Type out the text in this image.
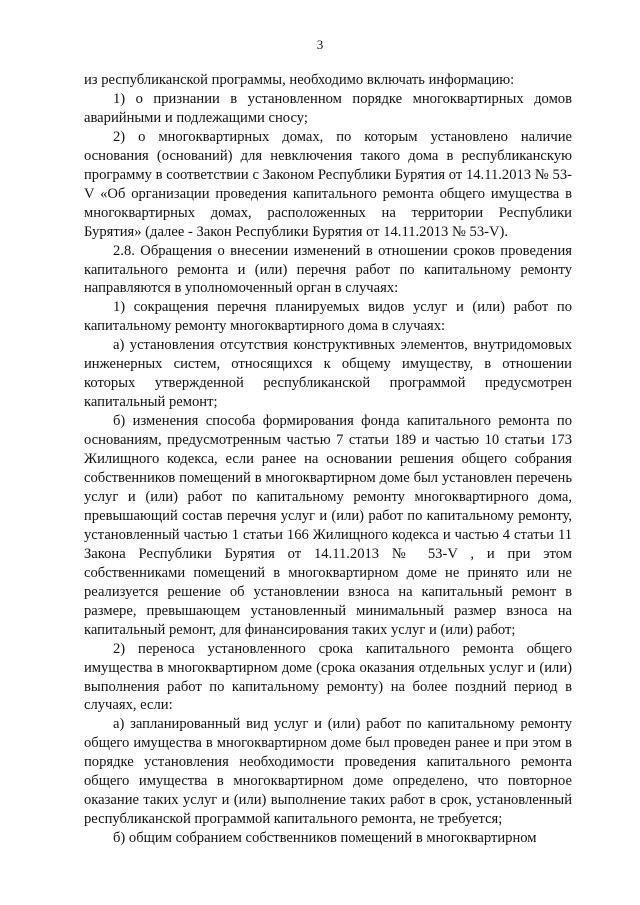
3

из республиканской программы, необходимо включать информацию:

1) о признании в установленном порядке многоквартирных домов аварийными и подлежащими сносу;

2) о многоквартирных домах, по которым установлено наличие основания (оснований) для невключения такого дома в республиканскую программу в соответствии с Законом Республики Бурятия от 14.11.2013 № 53-V «Об организации проведения капитального ремонта общего имущества в многоквартирных домах, расположенных на территории Республики Бурятия» (далее - Закон Республики Бурятия от 14.11.2013 № 53-V).

2.8. Обращения о внесении изменений в отношении сроков проведения капитального ремонта и (или) перечня работ по капитальному ремонту направляются в уполномоченный орган в случаях:

1) сокращения перечня планируемых видов услуг и (или) работ по капитальному ремонту многоквартирного дома в случаях:

а) установления отсутствия конструктивных элементов, внутридомовых инженерных систем, относящихся к общему имуществу, в отношении которых утвержденной республиканской программой предусмотрен капитальный ремонт;

б) изменения способа формирования фонда капитального ремонта по основаниям, предусмотренным частью 7 статьи 189 и частью 10 статьи 173 Жилищного кодекса, если ранее на основании решения общего собрания собственников помещений в многоквартирном доме был установлен перечень услуг и (или) работ по капитальному ремонту многоквартирного дома, превышающий состав перечня услуг и (или) работ по капитальному ремонту, установленный частью 1 статьи 166 Жилищного кодекса и частью 4 статьи 11 Закона Республики Бурятия от 14.11.2013 № 53-V , и при этом собственниками помещений в многоквартирном доме не принято или не реализуется решение об установлении взноса на капитальный ремонт в размере, превышающем установленный минимальный размер взноса на капитальный ремонт, для финансирования таких услуг и (или) работ;

2) переноса установленного срока капитального ремонта общего имущества в многоквартирном доме (срока оказания отдельных услуг и (или) выполнения работ по капитальному ремонту) на более поздний период в случаях, если:

а) запланированный вид услуг и (или) работ по капитальному ремонту общего имущества в многоквартирном доме был проведен ранее и при этом в порядке установления необходимости проведения капитального ремонта общего имущества в многоквартирном доме определено, что повторное оказание таких услуг и (или) выполнение таких работ в срок, установленный республиканской программой капитального ремонта, не требуется;

б) общим собранием собственников помещений в многоквартирном
